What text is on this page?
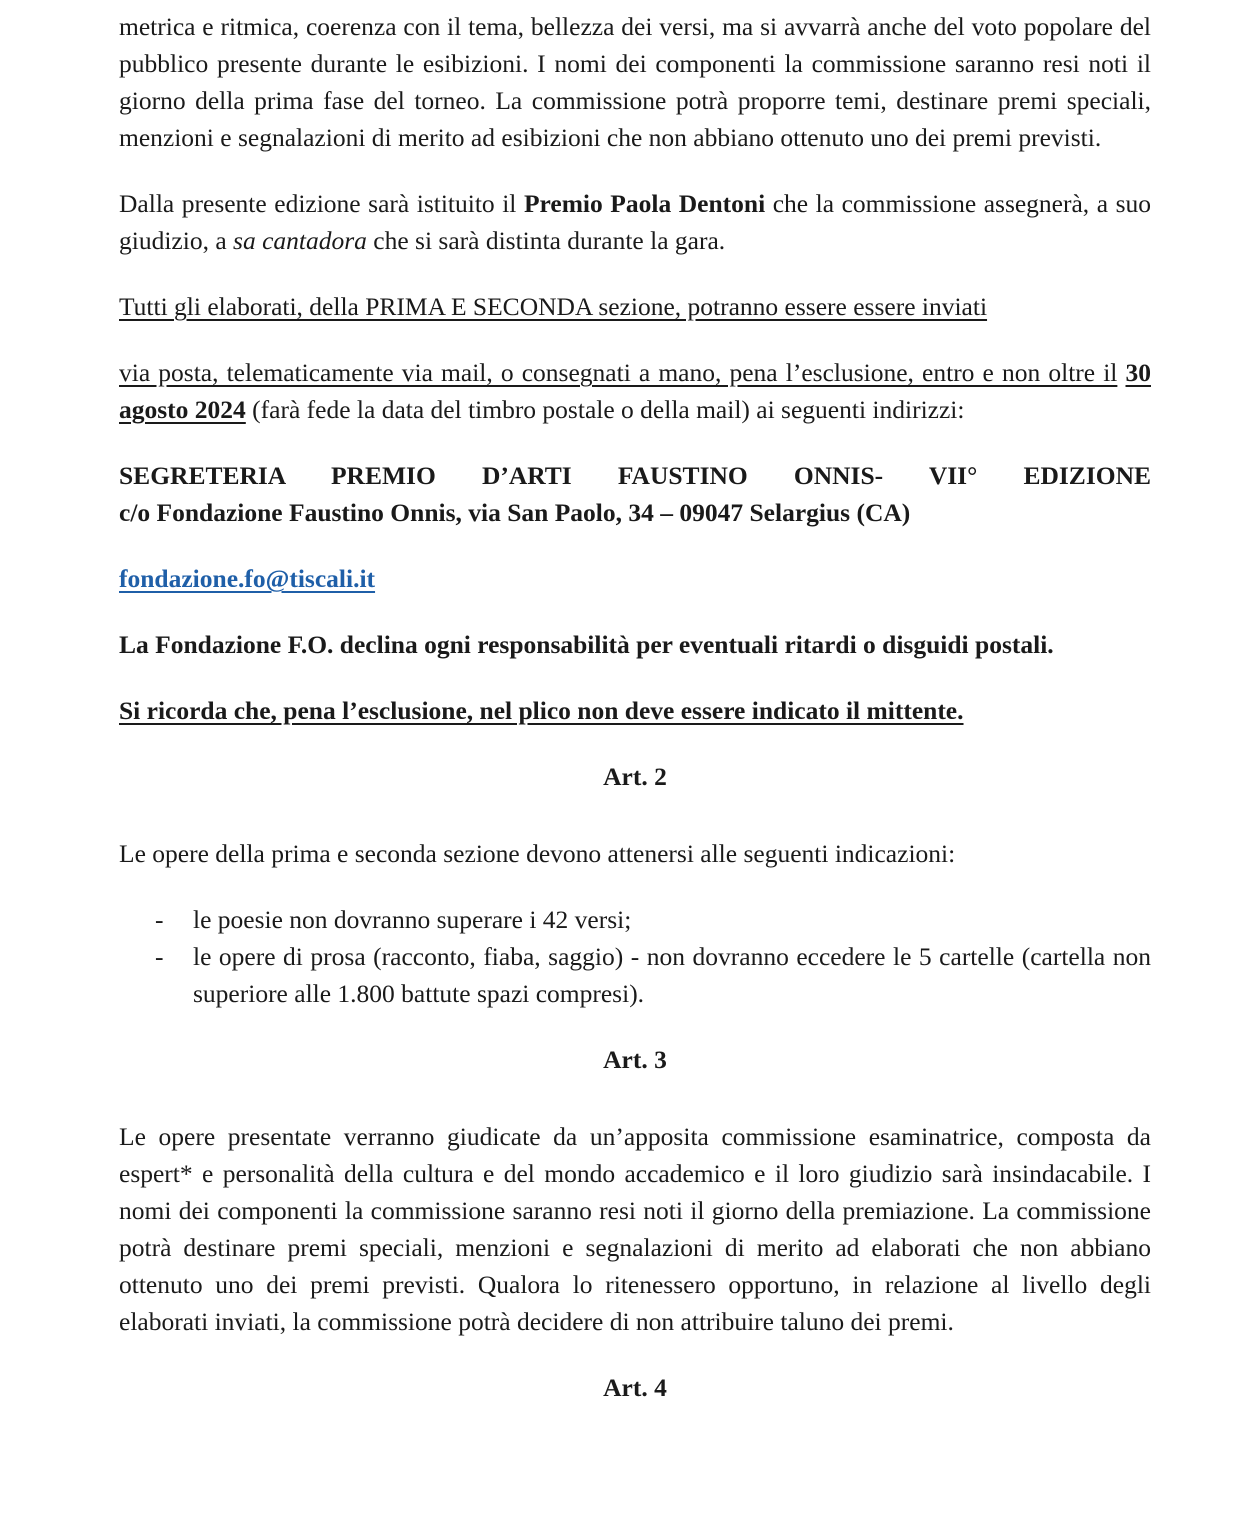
metrica e ritmica, coerenza con il tema, bellezza dei versi, ma si avvarrà anche del voto popolare del pubblico presente durante le esibizioni. I nomi dei componenti la commissione saranno resi noti il giorno della prima fase del torneo. La commissione potrà proporre temi, destinare premi speciali, menzioni e segnalazioni di merito ad esibizioni che non abbiano ottenuto uno dei premi previsti.

Dalla presente edizione sarà istituito il Premio Paola Dentoni che la commissione assegnerà, a suo giudizio, a sa cantadora che si sarà distinta durante la gara.

Tutti gli elaborati, della PRIMA E SECONDA sezione, potranno essere essere inviati

via posta, telematicamente via mail, o consegnati a mano, pena l’esclusione, entro e non oltre il 30 agosto 2024 (farà fede la data del timbro postale o della mail) ai seguenti indirizzi:

SEGRETERIA PREMIO D’ARTI FAUSTINO ONNIS- VII° EDIZIONE
c/o Fondazione Faustino Onnis, via San Paolo, 34 – 09047 Selargius (CA)

fondazione.fo@tiscali.it

La Fondazione F.O. declina ogni responsabilità per eventuali ritardi o disguidi postali.

Si ricorda che, pena l’esclusione, nel plico non deve essere indicato il mittente.

Art. 2

Le opere della prima e seconda sezione devono attenersi alle seguenti indicazioni:

- le poesie non dovranno superare i 42 versi;
- le opere di prosa (racconto, fiaba, saggio) - non dovranno eccedere le 5 cartelle (cartella non superiore alle 1.800 battute spazi compresi).
Art. 3

Le opere presentate verranno giudicate da un’apposita commissione esaminatrice, composta da espert* e personalità della cultura e del mondo accademico e il loro giudizio sarà insindacabile. I nomi dei componenti la commissione saranno resi noti il giorno della premiazione. La commissione potrà destinare premi speciali, menzioni e segnalazioni di merito ad elaborati che non abbiano ottenuto uno dei premi previsti. Qualora lo ritenessero opportuno, in relazione al livello degli elaborati inviati, la commissione potrà decidere di non attribuire taluno dei premi.

Art. 4
